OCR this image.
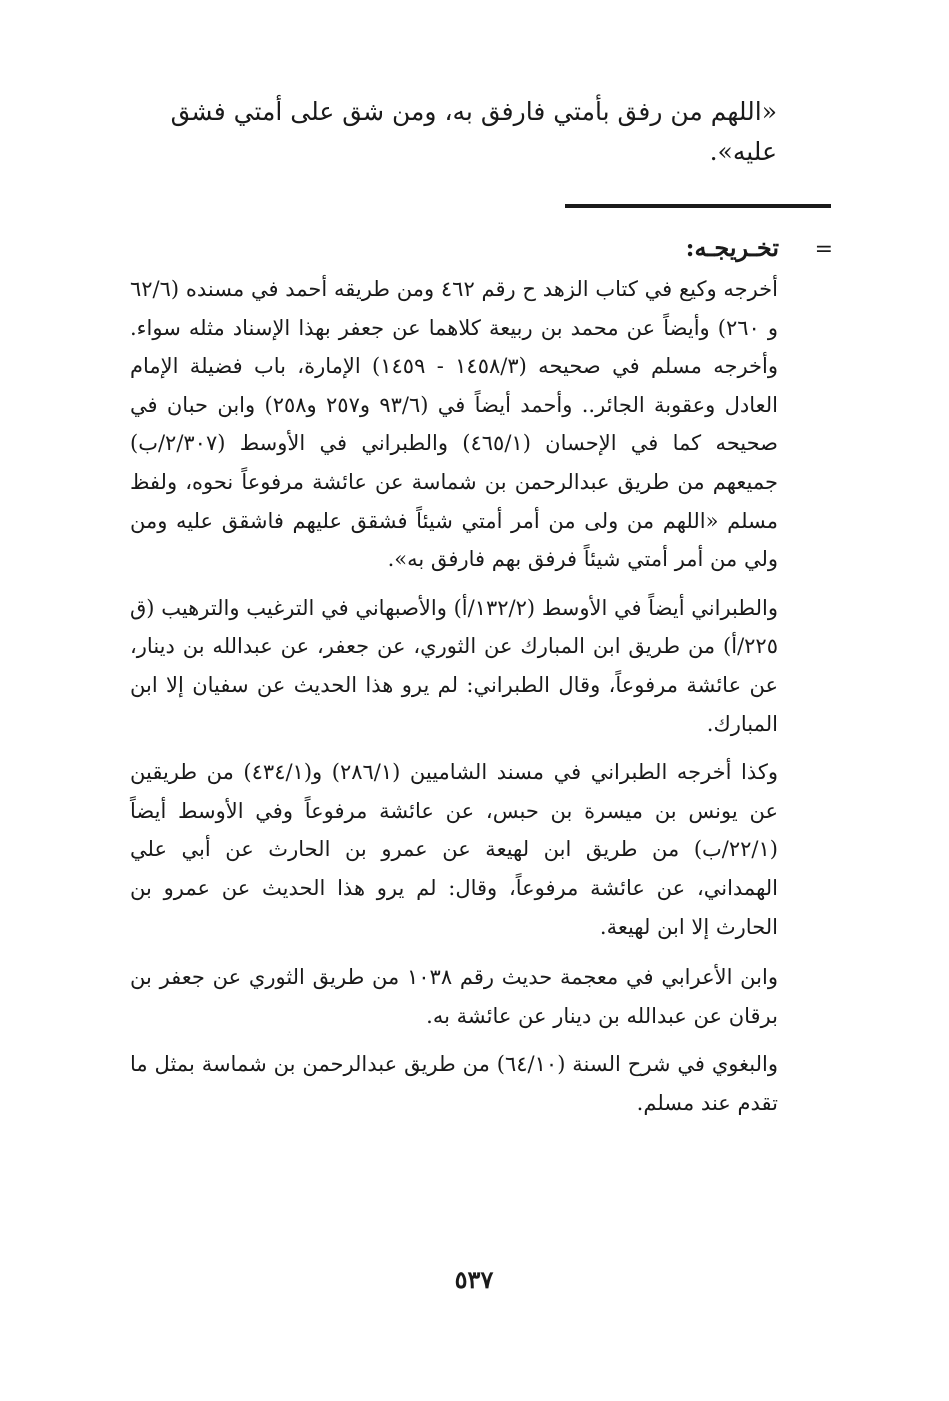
«اللهم من رفق بأمتي فارفق به، ومن شق على أمتي فشق عليه».
=
تخـريجـه:

أخرجه وكيع في كتاب الزهد ح رقم ٤٦٢ ومن طريقه أحمد في مسنده (٦٢/٦ و ٢٦٠) وأيضاً عن محمد بن ربيعة كلاهما عن جعفر بهذا الإسناد مثله سواء. وأخرجه مسلم في صحيحه (١٤٥٨/٣ - ١٤٥٩) الإمارة، باب فضيلة الإمام العادل وعقوبة الجائر.. وأحمد أيضاً في (٩٣/٦ و٢٥٧ و٢٥٨) وابن حبان في صحيحه كما في الإحسان (٤٦٥/١) والطبراني في الأوسط (٢/٣٠٧/ب) جميعهم من طريق عبدالرحمن بن شماسة عن عائشة مرفوعاً نحوه، ولفظ مسلم «اللهم من ولى من أمر أمتي شيئاً فشقق عليهم فاشقق عليه ومن ولي من أمر أمتي شيئاً فرفق بهم فارفق به».

والطبراني أيضاً في الأوسط (١٣٢/٢/أ) والأصبهاني في الترغيب والترهيب (ق ٢٢٥/أ) من طريق ابن المبارك عن الثوري، عن جعفر، عن عبدالله بن دينار، عن عائشة مرفوعاً، وقال الطبراني: لم يرو هذا الحديث عن سفيان إلا ابن المبارك.

وكذا أخرجه الطبراني في مسند الشاميين (٢٨٦/١) و(٤٣٤/١) من طريقين عن يونس بن ميسرة بن حبس، عن عائشة مرفوعاً وفي الأوسط أيضاً (٢٢/١/ب) من طريق ابن لهيعة عن عمرو بن الحارث عن أبي علي الهمداني، عن عائشة مرفوعاً، وقال: لم يرو هذا الحديث عن عمرو بن الحارث إلا ابن لهيعة.

وابن الأعرابي في معجمة حديث رقم ١٠٣٨ من طريق الثوري عن جعفر بن برقان عن عبدالله بن دينار عن عائشة به.

والبغوي في شرح السنة (٦٤/١٠) من طريق عبدالرحمن بن شماسة بمثل ما تقدم عند مسلم.

٥٣٧
